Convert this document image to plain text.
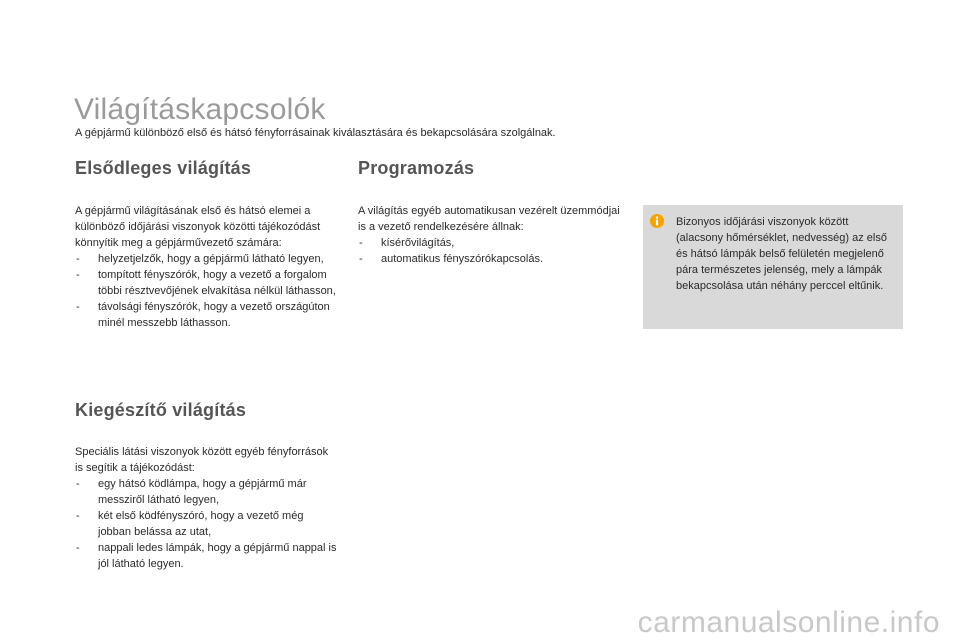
Világításkapcsolók
A gépjármű különböző első és hátsó fényforrásainak kiválasztására és bekapcsolására szolgálnak.
Elsődleges világítás

A gépjármű világításának első és hátsó elemei a különböző időjárási viszonyok közötti tájékozódást könnyítik meg a gépjárművezető számára:

- helyzetjelzők, hogy a gépjármű látható legyen,
- tompított fényszórók, hogy a vezető a forgalom többi résztvevőjének elvakítása nélkül láthasson,
- távolsági fényszórók, hogy a vezető országúton minél messzebb láthasson.
Kiegészítő világítás

Speciális látási viszonyok között egyéb fényforrások is segítik a tájékozódást:

- egy hátsó ködlámpa, hogy a gépjármű már messziről látható legyen,
- két első ködfényszóró, hogy a vezető még jobban belássa az utat,
- nappali ledes lámpák, hogy a gépjármű nappal is jól látható legyen.
Programozás

A világítás egyéb automatikusan vezérelt üzemmódjai is a vezető rendelkezésére állnak:

- kísérővilágítás,
- automatikus fényszórókapcsolás.
Bizonyos időjárási viszonyok között (alacsony hőmérséklet, nedvesség) az első és hátsó lámpák belső felületén megjelenő pára természetes jelenség, mely a lámpák bekapcsolása után néhány perccel eltűnik.
carmanualsonline.info
